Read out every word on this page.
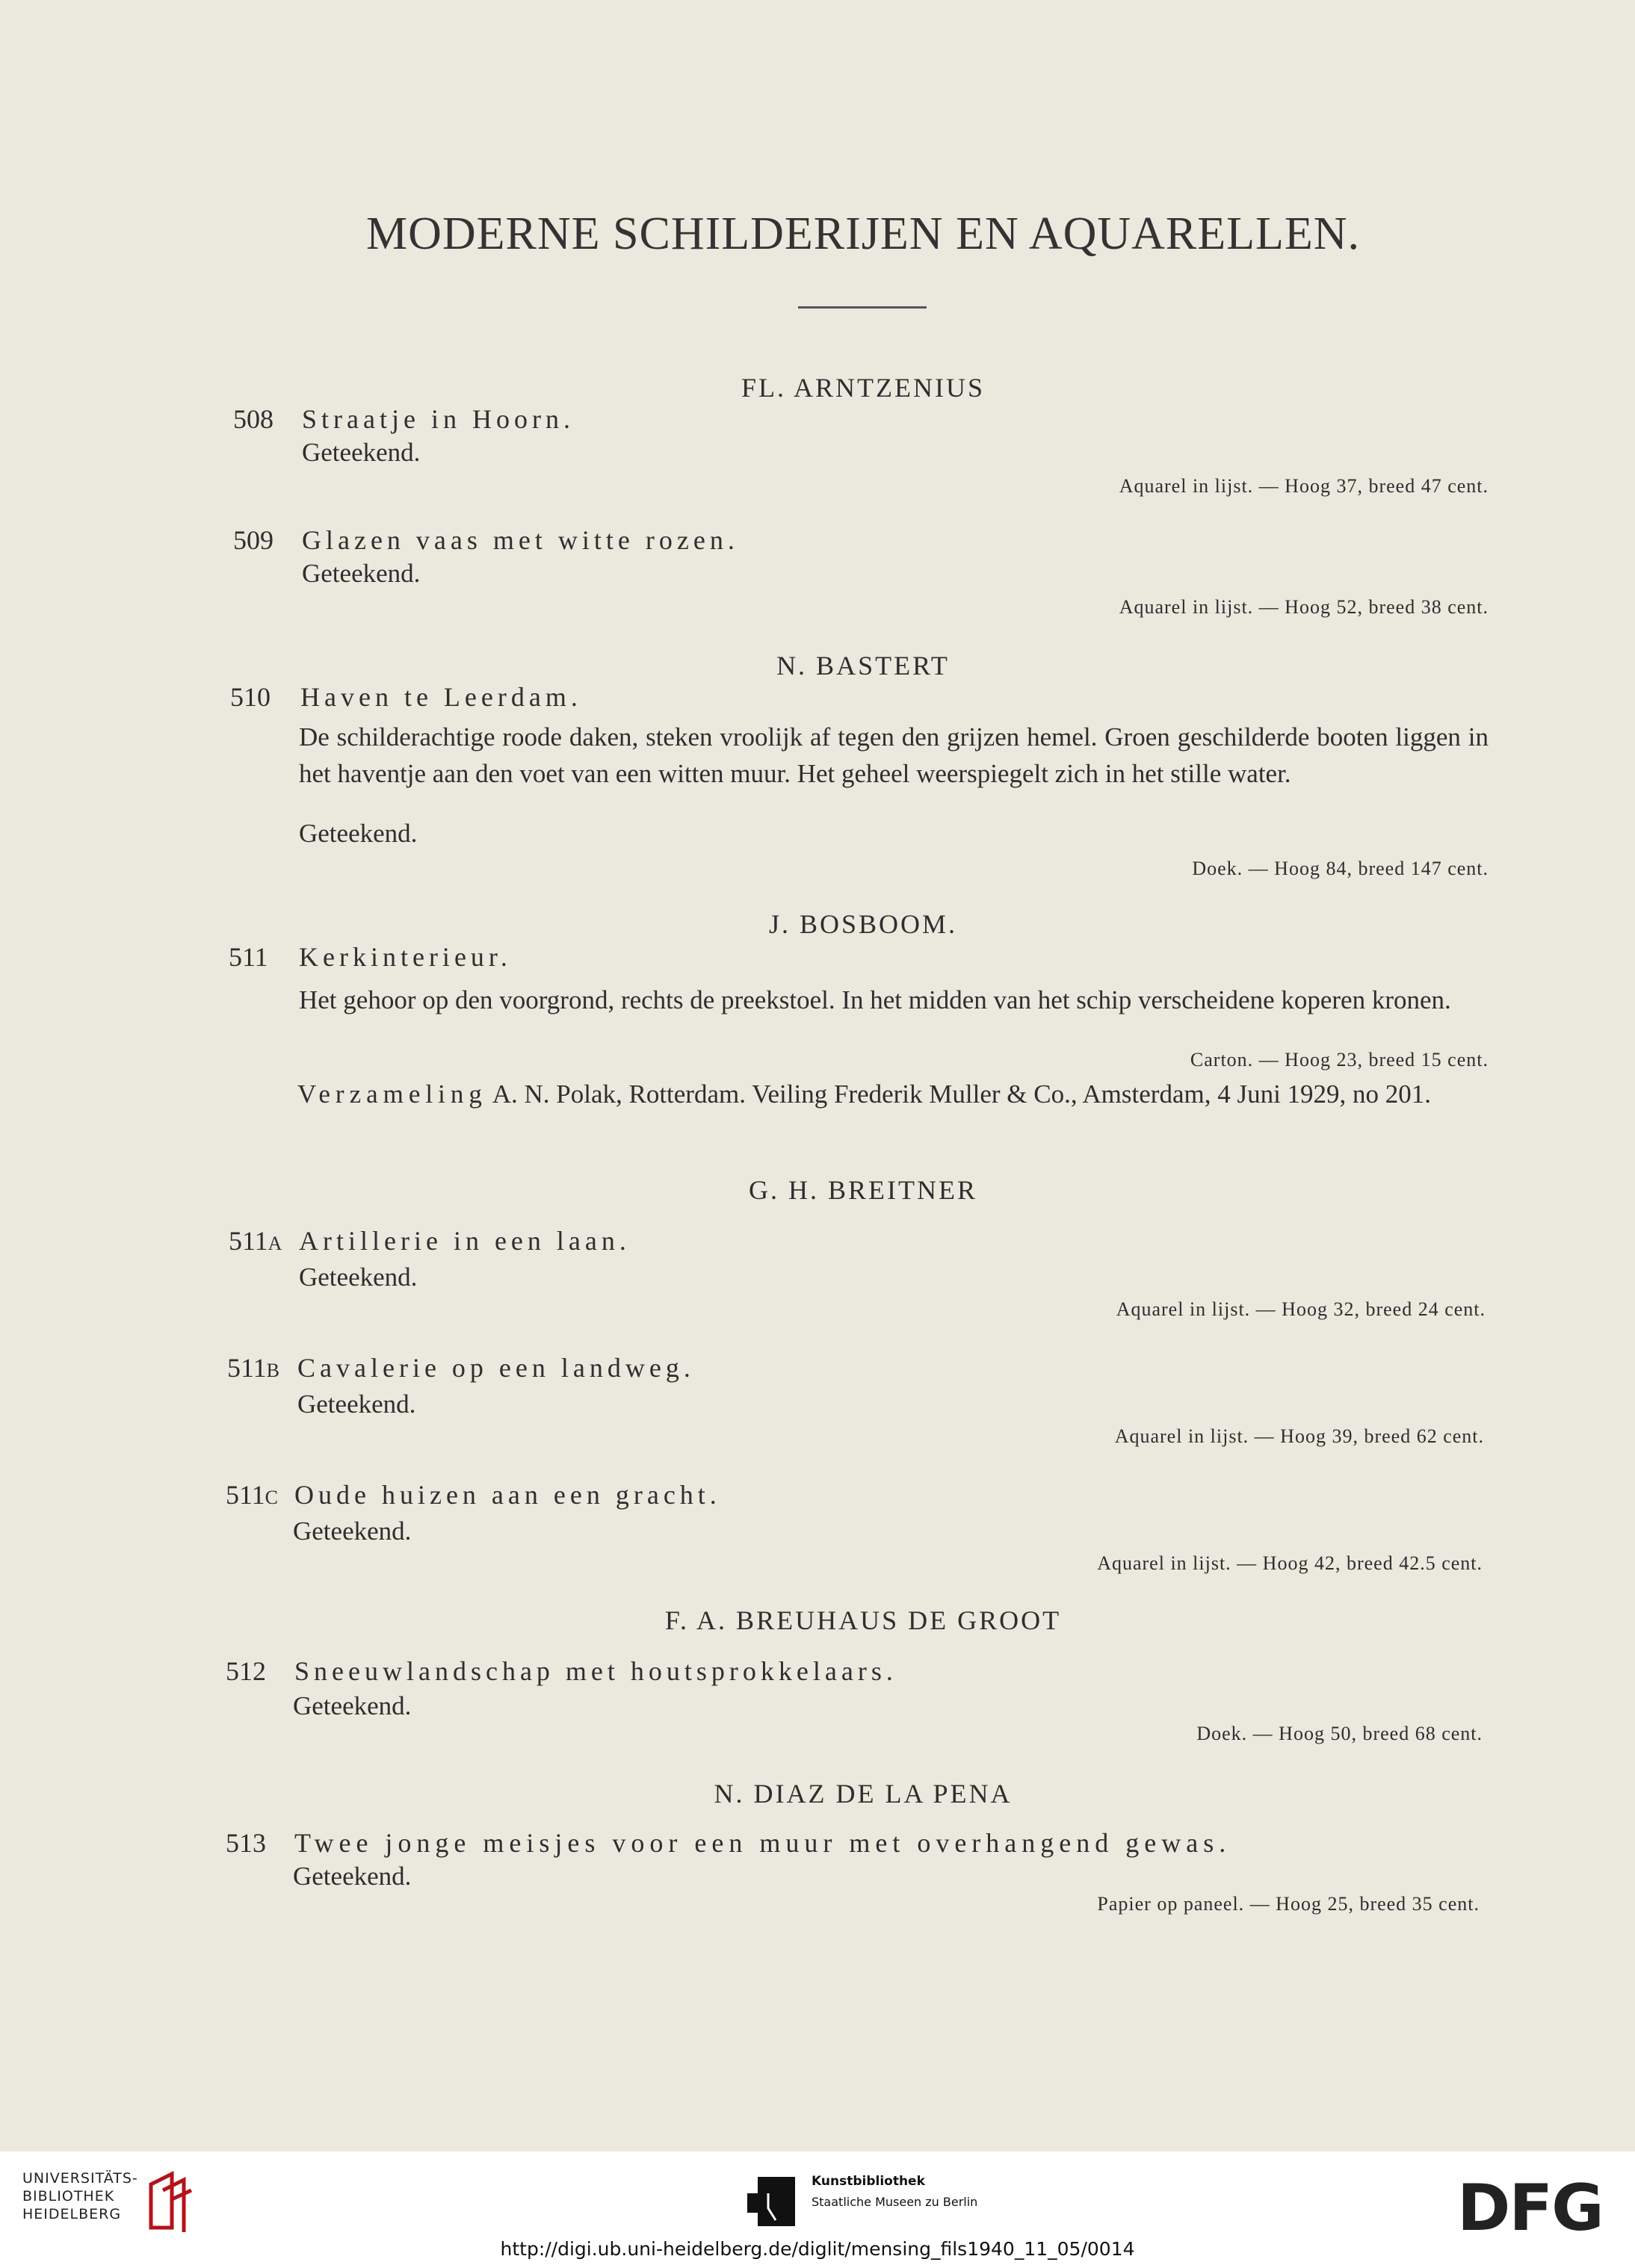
MODERNE SCHILDERIJEN EN AQUARELLEN.
FL. ARNTZENIUS
508 Straatje in Hoorn.
Geteekend.
Aquarel in lijst. — Hoog 37, breed 47 cent.
509 Glazen vaas met witte rozen.
Geteekend.
Aquarel in lijst. — Hoog 52, breed 38 cent.
N. BASTERT
510 Haven te Leerdam.
De schilderachtige roode daken, steken vroolijk af tegen den grijzen hemel. Groen geschilderde booten liggen in het haventje aan den voet van een witten muur. Het geheel weerspiegelt zich in het stille water.
Geteekend.
Doek. — Hoog 84, breed 147 cent.
J. BOSBOOM.
511 Kerkinterieur.
Het gehoor op den voorgrond, rechts de preekstoel. In het midden van het schip verscheidene koperen kronen.
Carton. — Hoog 23, breed 15 cent.
Verzameling A. N. Polak, Rotterdam. Veiling Frederik Muller & Co., Amsterdam, 4 Juni 1929, no 201.
G. H. BREITNER
511A Artillerie in een laan.
Geteekend.
Aquarel in lijst. — Hoog 32, breed 24 cent.
511B Cavalerie op een landweg.
Geteekend.
Aquarel in lijst. — Hoog 39, breed 62 cent.
511C Oude huizen aan een gracht.
Geteekend.
Aquarel in lijst. — Hoog 42, breed 42.5 cent.
F. A. BREUHAUS DE GROOT
512 Sneeuwlandschap met houtsprokkelaars.
Geteekend.
Doek. — Hoog 50, breed 68 cent.
N. DIAZ DE LA PENA
513 Twee jonge meisjes voor een muur met overhangend gewas.
Geteekend.
Papier op paneel. — Hoog 25, breed 35 cent.
UNIVERSITÄTS-
BIBLIOTHEK
HEIDELBERG
Kunstbibliothek
Staatliche Museen zu Berlin	DFG
http://digi.ub.uni-heidelberg.de/diglit/mensing_fils1940_11_05/0014
